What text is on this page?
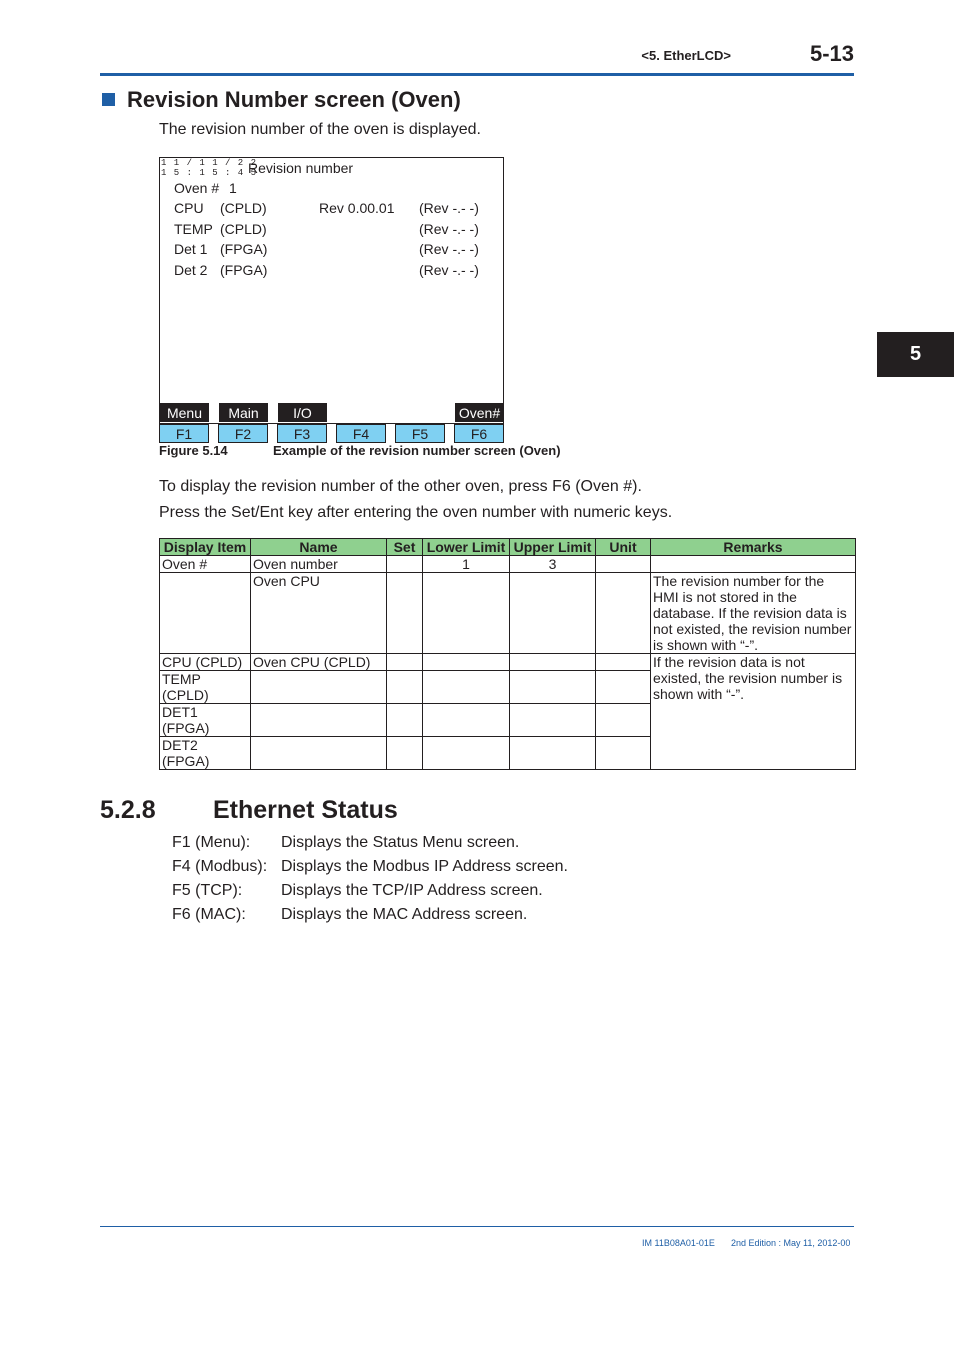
<5. EtherLCD>	5-13
5
Revision Number screen (Oven)
The revision number of the oven is displayed.
1 1 / 1 1 / 2 2
1 5 : 1 5 : 4 5
Revision number
Oven # 1
CPU (CPLD)	Rev 0.00.01 (Rev -.- -)
TEMP (CPLD)	(Rev -.- -)
Det 1 (FPGA)	(Rev -.- -)
Det 2 (FPGA)	(Rev -.- -)
Menu	Main	I/O	Oven#
F1	F2	F3	F4	F5	F6
Figure 5.14	Example of the revision number screen (Oven)
To display the revision number of the other oven, press F6 (Oven #).
Press the Set/Ent key after entering the oven number with numeric keys.
Display Item	Name	Set	Lower Limit	Upper Limit	Unit	Remarks
Oven #	Oven number		1	3		
	Oven CPU					The revision number for the HMI is not stored in the database. If the revision data is not existed, the revision number is shown with “-”.
CPU (CPLD)	Oven CPU (CPLD)					If the revision data is not existed, the revision number is shown with “-”.
TEMP (CPLD)						
DET1 (FPGA)						
DET2 (FPGA)						
5.2.8 Ethernet Status
F1 (Menu): Displays the Status Menu screen.
F4 (Modbus): Displays the Modbus IP Address screen.
F5 (TCP): Displays the TCP/IP Address screen.
F6 (MAC): Displays the MAC Address screen.
IM 11B08A01-01E 2nd Edition : May 11, 2012-00
